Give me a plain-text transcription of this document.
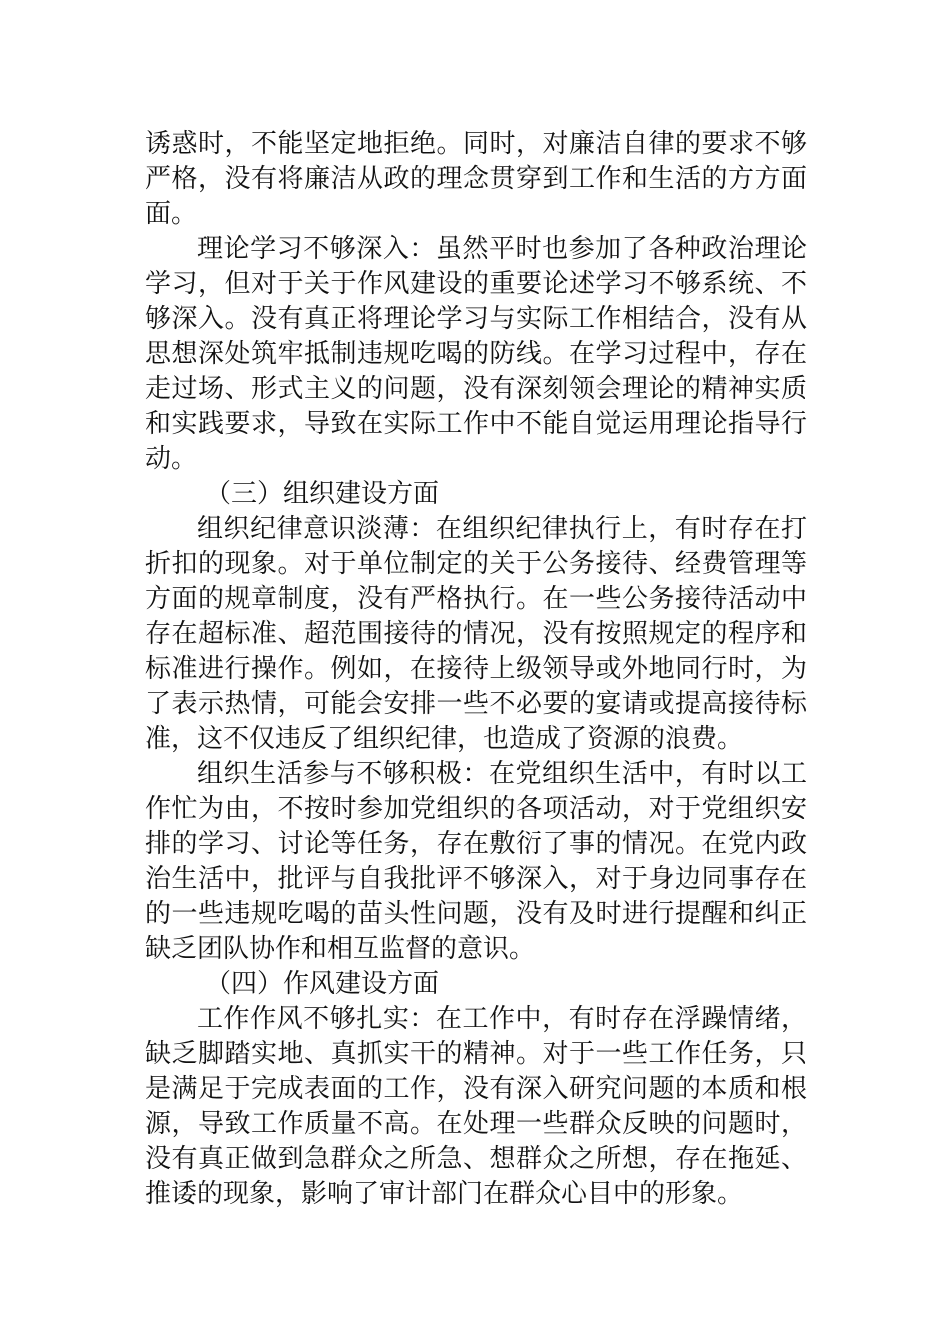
诱惑时，不能坚定地拒绝。同时，对廉洁自律的要求不够严格，没有将廉洁从政的理念贯穿到工作和生活的方方面面。

理论学习不够深入：虽然平时也参加了各种政治理论学习，但对于关于作风建设的重要论述学习不够系统、不够深入。没有真正将理论学习与实际工作相结合，没有从思想深处筑牢抵制违规吃喝的防线。在学习过程中，存在走过场、形式主义的问题，没有深刻领会理论的精神实质和实践要求，导致在实际工作中不能自觉运用理论指导行动。

（三）组织建设方面

组织纪律意识淡薄：在组织纪律执行上，有时存在打折扣的现象。对于单位制定的关于公务接待、经费管理等方面的规章制度，没有严格执行。在一些公务接待活动中存在超标准、超范围接待的情况，没有按照规定的程序和标准进行操作。例如，在接待上级领导或外地同行时，为了表示热情，可能会安排一些不必要的宴请或提高接待标准，这不仅违反了组织纪律，也造成了资源的浪费。

组织生活参与不够积极：在党组织生活中，有时以工作忙为由，不按时参加党组织的各项活动，对于党组织安排的学习、讨论等任务，存在敷衍了事的情况。在党内政治生活中，批评与自我批评不够深入，对于身边同事存在的一些违规吃喝的苗头性问题，没有及时进行提醒和纠正缺乏团队协作和相互监督的意识。

（四）作风建设方面

工作作风不够扎实：在工作中，有时存在浮躁情绪，缺乏脚踏实地、真抓实干的精神。对于一些工作任务，只是满足于完成表面的工作，没有深入研究问题的本质和根源，导致工作质量不高。在处理一些群众反映的问题时，没有真正做到急群众之所急、想群众之所想，存在拖延、推诿的现象，影响了审计部门在群众心目中的形象。
